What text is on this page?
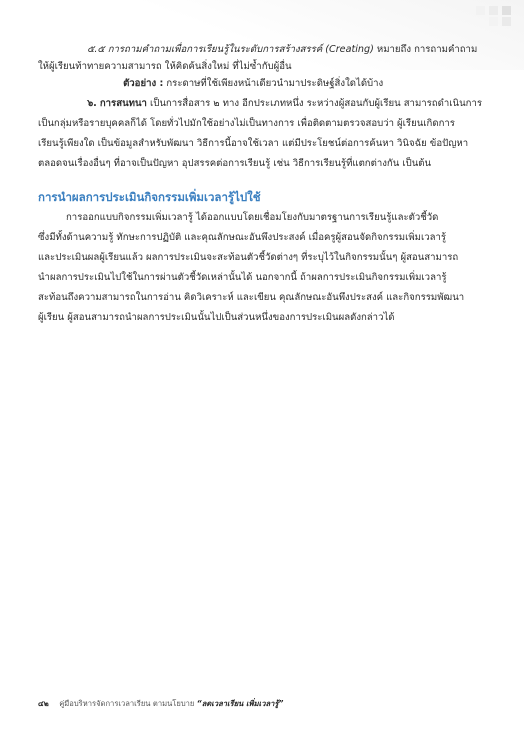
๕.๕ การถามคำถามเพื่อการเรียนรู้ในระดับการสร้างสรรค์ (Creating) หมายถึง การถามคำถาม
ให้ผู้เรียนท้าทายความสามารถ ให้คิดค้นสิ่งใหม่ ที่ไม่ซ้ำกับผู้อื่น
ตัวอย่าง : กระดาษที่ใช้เพียงหน้าเดียวนำมาประดิษฐ์สิ่งใดได้บ้าง
๖. การสนทนา เป็นการสื่อสาร ๒ ทาง อีกประเภทหนึ่ง ระหว่างผู้สอนกับผู้เรียน สามารถดำเนินการ
เป็นกลุ่มหรือรายบุคคลก็ได้ โดยทั่วไปมักใช้อย่างไม่เป็นทางการ เพื่อติดตามตรวจสอบว่า ผู้เรียนเกิดการ
เรียนรู้เพียงใด เป็นข้อมูลสำหรับพัฒนา วิธีการนี้อาจใช้เวลา แต่มีประโยชน์ต่อการค้นหา วินิจฉัย ข้อปัญหา
ตลอดจนเรื่องอื่นๆ ที่อาจเป็นปัญหา อุปสรรคต่อการเรียนรู้ เช่น วิธีการเรียนรู้ที่แตกต่างกัน เป็นต้น
การนำผลการประเมินกิจกรรมเพิ่มเวลารู้ไปใช้
การออกแบบกิจกรรมเพิ่มเวลารู้ ได้ออกแบบโดยเชื่อมโยงกับมาตรฐานการเรียนรู้และตัวชี้วัด
ซึ่งมีทั้งด้านความรู้ ทักษะการปฏิบัติ และคุณลักษณะอันพึงประสงค์ เมื่อครูผู้สอนจัดกิจกรรมเพิ่มเวลารู้
และประเมินผลผู้เรียนแล้ว ผลการประเมินจะสะท้อนตัวชี้วัดต่างๆ ที่ระบุไว้ในกิจกรรมนั้นๆ ผู้สอนสามารถ
นำผลการประเมินไปใช้ในการผ่านตัวชี้วัดเหล่านั้นได้ นอกจากนี้ ถ้าผลการประเมินกิจกรรมเพิ่มเวลารู้
สะท้อนถึงความสามารถในการอ่าน คิดวิเคราะห์ และเขียน คุณลักษณะอันพึงประสงค์ และกิจกรรมพัฒนา
ผู้เรียน ผู้สอนสามารถนำผลการประเมินนั้นไปเป็นส่วนหนึ่งของการประเมินผลดังกล่าวได้
๔๒ คู่มือบริหารจัดการเวลาเรียน ตามนโยบาย “ลดเวลาเรียน เพิ่มเวลารู้”
